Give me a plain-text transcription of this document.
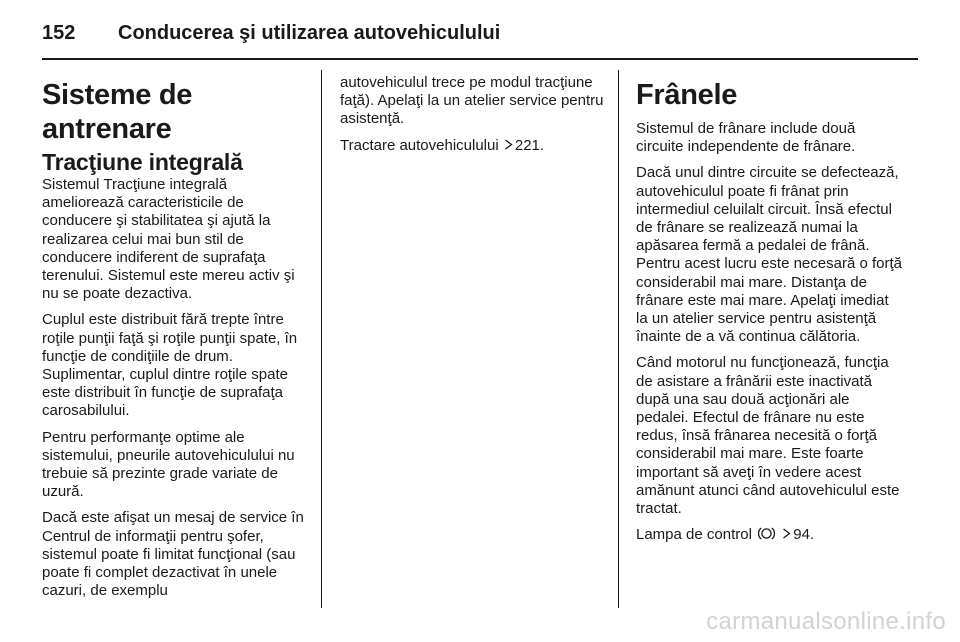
152 Conducerea şi utilizarea autovehiculului
Sisteme de antrenare
Tracţiune integrală

Sistemul Tracţiune integrală ameliorează caracteristicile de conducere şi stabilitatea şi ajută la realizarea celui mai bun stil de conducere indiferent de suprafaţa terenului. Sistemul este mereu activ şi nu se poate dezactiva.

Cuplul este distribuit fără trepte între roţile punţii faţă şi roţile punţii spate, în funcţie de condiţiile de drum. Suplimentar, cuplul dintre roţile spate este distribuit în funcţie de suprafaţa carosabilului.

Pentru performanţe optime ale sistemului, pneurile autovehiculului nu trebuie să prezinte grade variate de uzură.

Dacă este afişat un mesaj de service în Centrul de informaţii pentru şofer, sistemul poate fi limitat funcţional (sau poate fi complet dezactivat în unele cazuri, de exemplu

autovehiculul trece pe modul tracţiune faţă). Apelaţi la un atelier service pentru asistenţă.

Tractare autovehiculului 221.

Frânele

Sistemul de frânare include două circuite independente de frânare.

Dacă unul dintre circuite se defectează, autovehiculul poate fi frânat prin intermediul celuilalt circuit. Însă efectul de frânare se realizează numai la apăsarea fermă a pedalei de frână. Pentru acest lucru este necesară o forţă considerabil mai mare. Distanţa de frânare este mai mare. Apelaţi imediat la un atelier service pentru asistenţă înainte de a vă continua călătoria.

Când motorul nu funcţionează, funcţia de asistare a frânării este inactivată după una sau două acţionări ale pedalei. Efectul de frânare nu este redus, însă frânarea necesită o forţă considerabil mai mare. Este foarte important să aveţi în vedere acest amănunt atunci când autovehiculul este tractat.

Lampa de control	94.

carmanualsonline.info
